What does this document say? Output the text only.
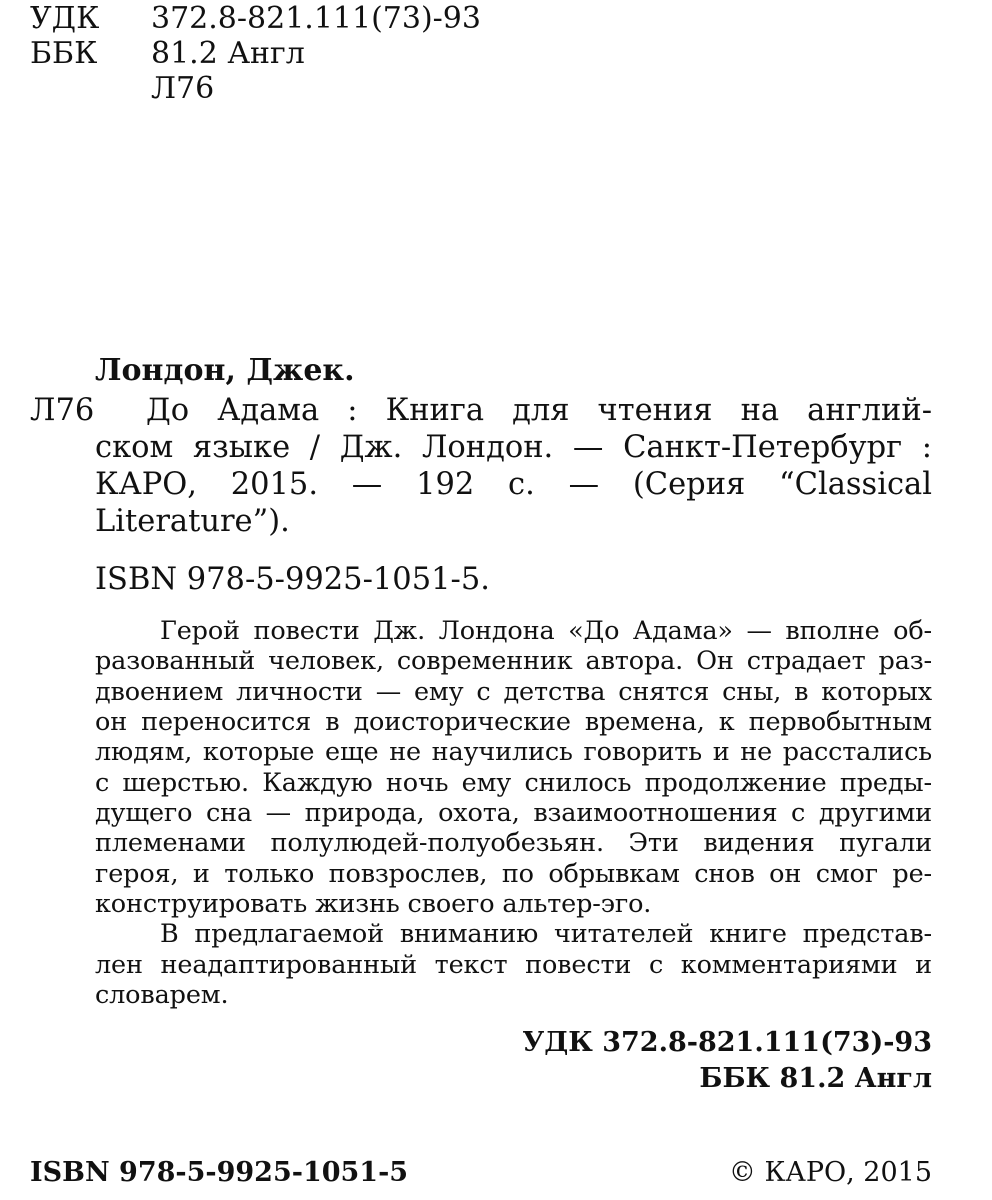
УДК 372.8-821.111(73)-93
ББК 81.2 Англ
Л76
Лондон, Джек.
Л76 До Адама : Книга для чтения на англий-
ском языке / Дж. Лондон. — Санкт-Петербург :
КАРО, 2015. — 192 с. — (Серия “Classical
Literature”).
ISBN 978-5-9925-1051-5.
Герой повести Дж. Лондона «До Адама» — вполне об-
разованный человек, современник автора. Он страдает раз-
двоением личности — ему с детства снятся сны, в которых
он переносится в доисторические времена, к первобытным
людям, которые еще не научились говорить и не расстались
с шерстью. Каждую ночь ему снилось продолжение преды-
дущего сна — природа, охота, взаимоотношения с другими
племенами полулюдей-полуобезьян. Эти видения пугали
героя, и только повзрослев, по обрывкам снов он смог ре-
конструировать жизнь своего альтер-эго.
В предлагаемой вниманию читателей книге представ-
лен неадаптированный текст повести с комментариями и
словарем.
УДК 372.8-821.111(73)-93
ББК 81.2 Англ
ISBN 978-5-9925-1051-5	© КАРО, 2015
